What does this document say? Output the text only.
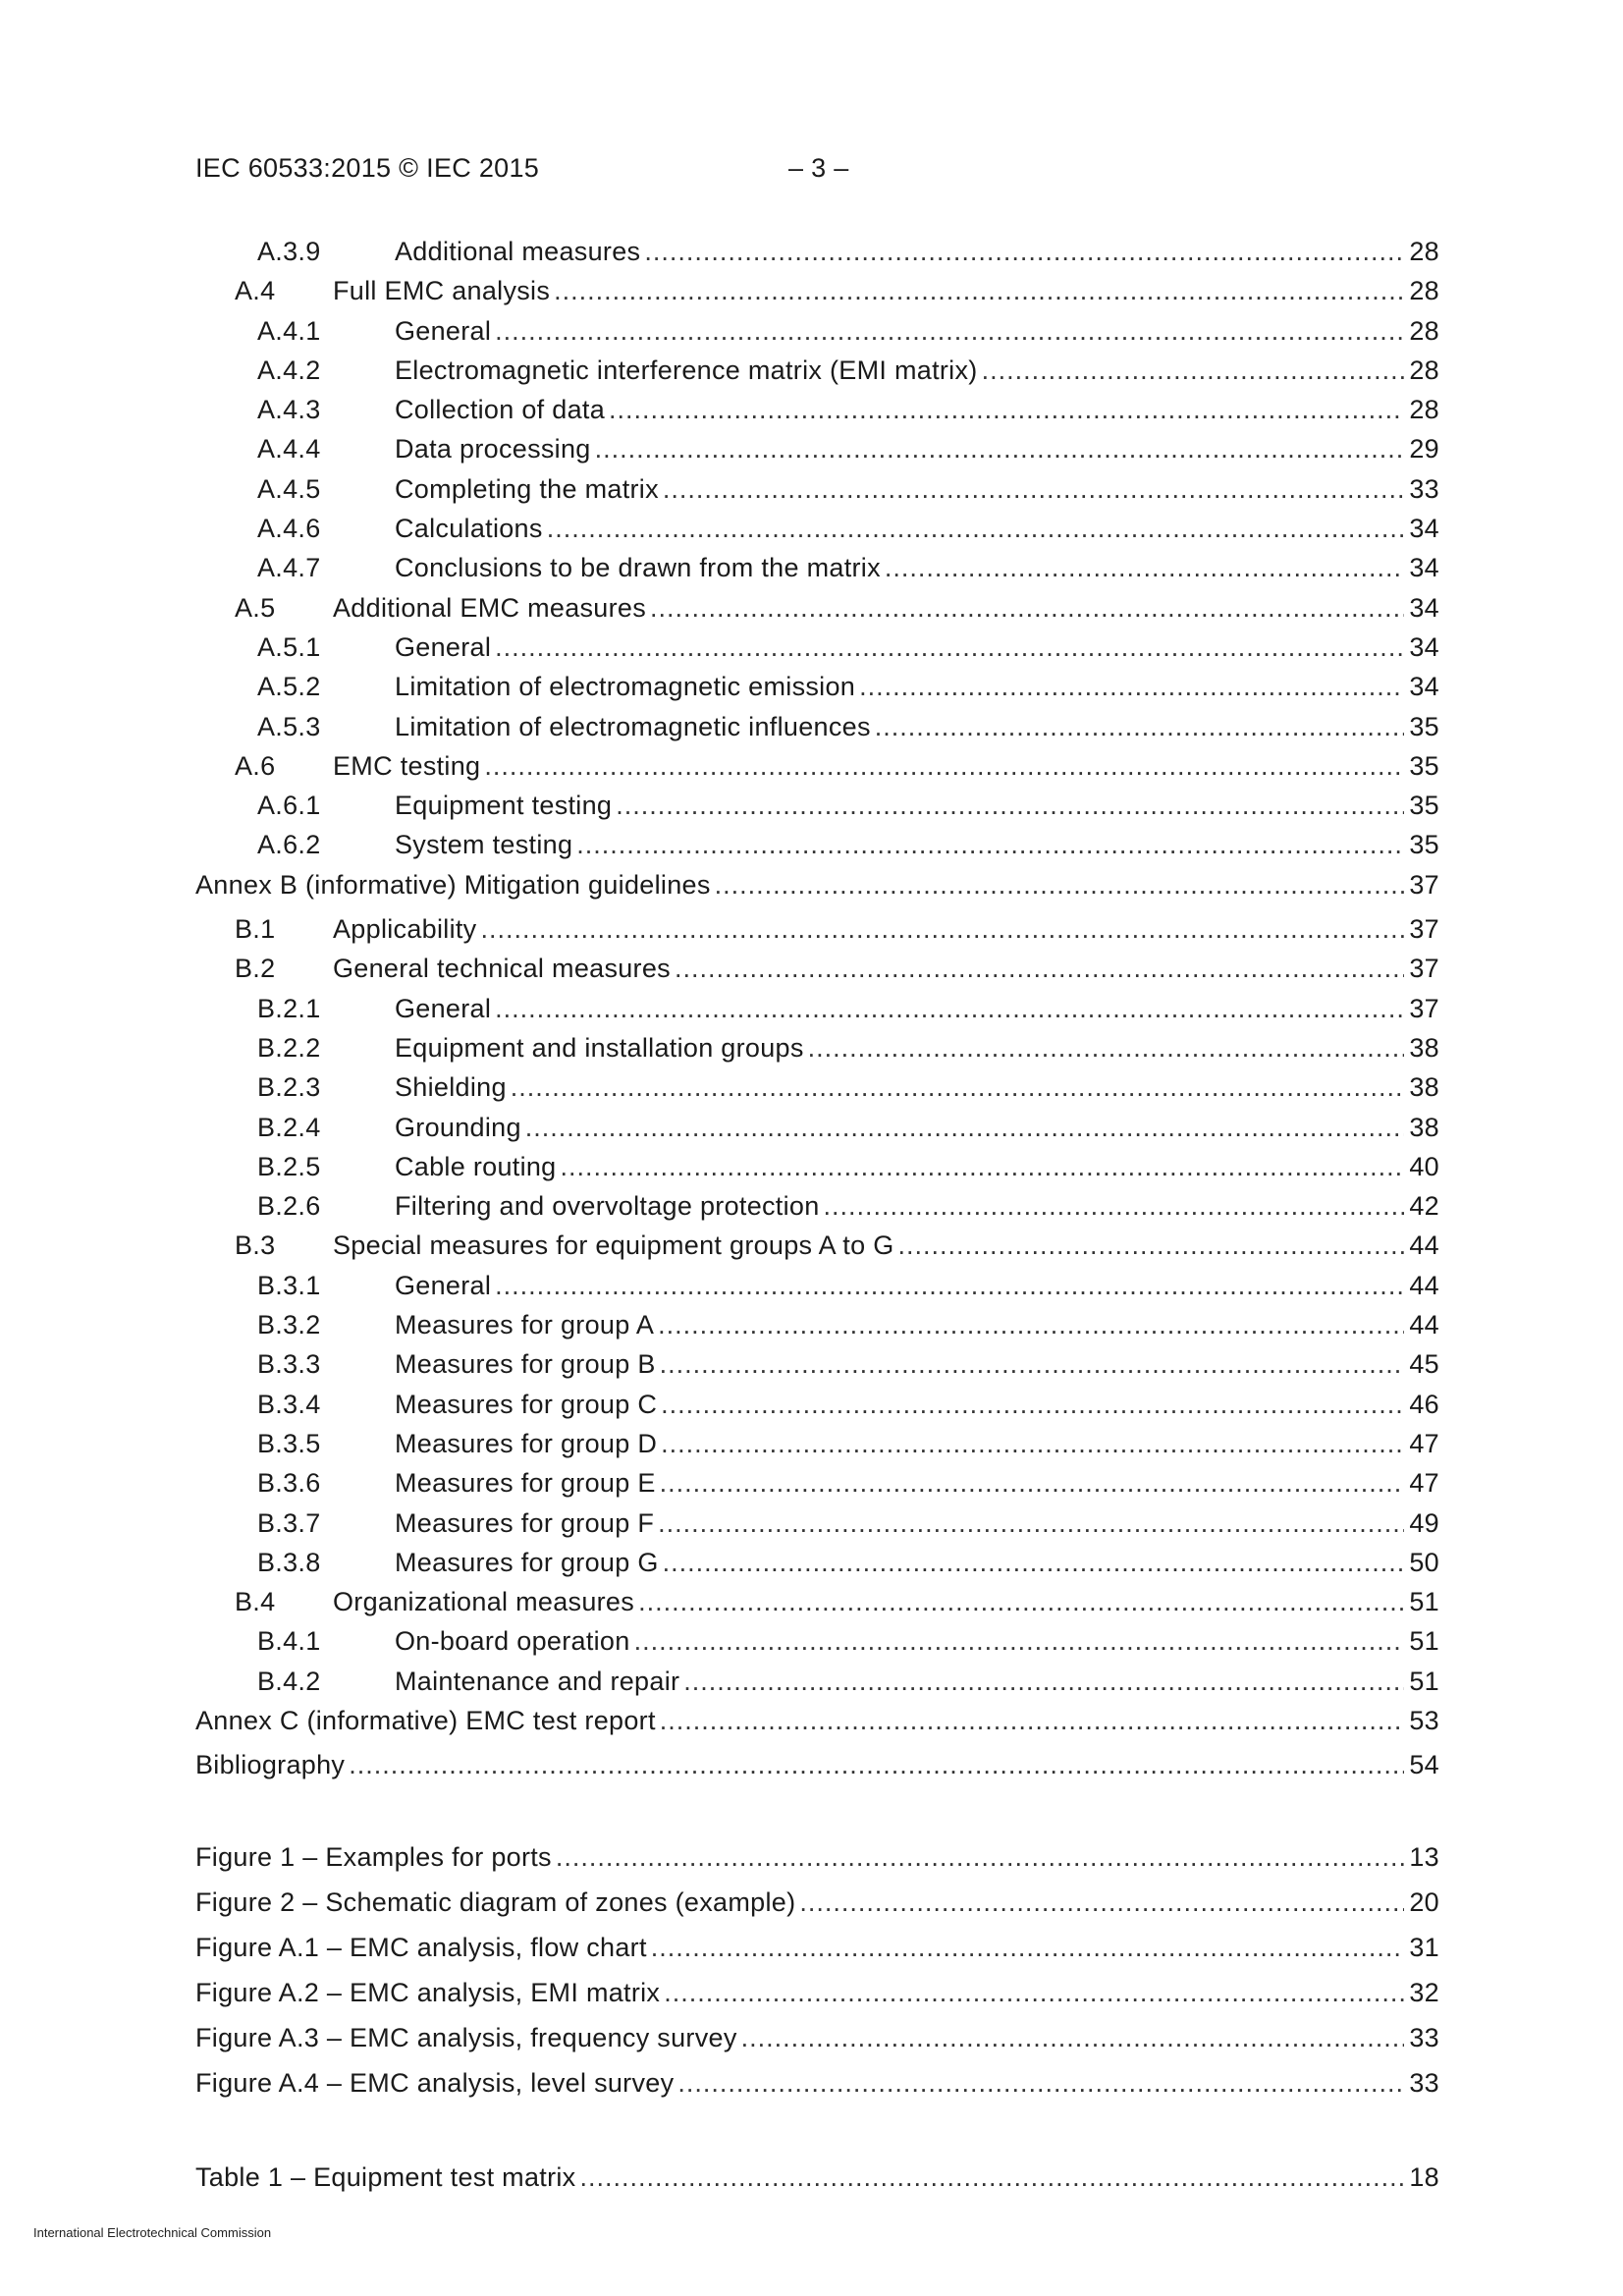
IEC 60533:2015 © IEC 2015	– 3 –
A.3.9	Additional measures .....	28
A.4	Full EMC analysis .....	28
A.4.1	General .....	28
A.4.2	Electromagnetic interference matrix (EMI matrix) .....	28
A.4.3	Collection of data .....	28
A.4.4	Data processing .....	29
A.4.5	Completing the matrix .....	33
A.4.6	Calculations .....	34
A.4.7	Conclusions to be drawn from the matrix .....	34
A.5	Additional EMC measures .....	34
A.5.1	General .....	34
A.5.2	Limitation of electromagnetic emission .....	34
A.5.3	Limitation of electromagnetic influences .....	35
A.6	EMC testing .....	35
A.6.1	Equipment testing .....	35
A.6.2	System testing .....	35
Annex B (informative) Mitigation guidelines .....	37
B.1	Applicability .....	37
B.2	General technical measures .....	37
B.2.1	General .....	37
B.2.2	Equipment and installation groups .....	38
B.2.3	Shielding .....	38
B.2.4	Grounding .....	38
B.2.5	Cable routing .....	40
B.2.6	Filtering and overvoltage protection .....	42
B.3	Special measures for equipment groups A to G .....	44
B.3.1	General .....	44
B.3.2	Measures for group A .....	44
B.3.3	Measures for group B .....	45
B.3.4	Measures for group C .....	46
B.3.5	Measures for group D .....	47
B.3.6	Measures for group E .....	47
B.3.7	Measures for group F .....	49
B.3.8	Measures for group G .....	50
B.4	Organizational measures .....	51
B.4.1	On-board operation .....	51
B.4.2	Maintenance and repair .....	51
Annex C (informative) EMC test report .....	53
Bibliography .....	54
Figure 1 – Examples for ports .....	13
Figure 2 – Schematic diagram of zones (example) .....	20
Figure A.1 – EMC analysis, flow chart .....	31
Figure A.2 – EMC analysis, EMI matrix .....	32
Figure A.3 – EMC analysis, frequency survey .....	33
Figure A.4 – EMC analysis, level survey .....	33
Table 1 – Equipment test matrix .....	18
International Electrotechnical Commission
